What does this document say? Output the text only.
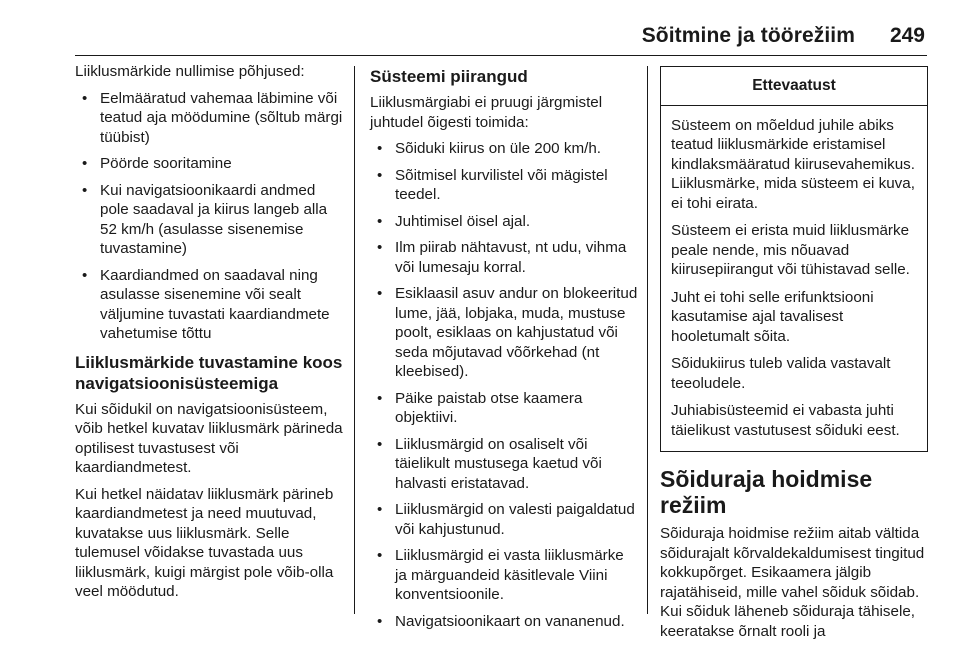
Sõitmine ja töörežiim 249

Liiklusmärkide nullimise põhjused:

• Eelmääratud vahemaa läbimine või teatud aja möödumine (sõltub märgi tüübist)
• Pöörde sooritamine
• Kui navigatsioonikaardi andmed pole saadaval ja kiirus langeb alla 52 km/h (asulasse sisenemise tuvastamine)
• Kaardiandmed on saadaval ning asulasse sisenemine või sealt väljumine tuvastati kaardiandmete vahetumise tõttu
Liiklusmärkide tuvastamine koos navigatsioonisüsteemiga

Kui sõidukil on navigatsioonisüsteem, võib hetkel kuvatav liiklusmärk pärineda optilisest tuvastusest või kaardiandmetest.

Kui hetkel näidatav liiklusmärk pärineb kaardiandmetest ja need muutuvad, kuvatakse uus liiklusmärk. Selle tulemusel võidakse tuvastada uus liiklusmärk, kuigi märgist pole võib-olla veel möödutud.

Süsteemi piirangud

Liiklusmärgiabi ei pruugi järgmistel juhtudel õigesti toimida:

• Sõiduki kiirus on üle 200 km/h.
• Sõitmisel kurvilistel või mägistel teedel.
• Juhtimisel öisel ajal.
• Ilm piirab nähtavust, nt udu, vihma või lumesaju korral.
• Esiklaasil asuv andur on blokeeritud lume, jää, lobjaka, muda, mustuse poolt, esiklaas on kahjustatud või seda mõjutavad võõrkehad (nt kleebised).
• Päike paistab otse kaamera objektiivi.
• Liiklusmärgid on osaliselt või täielikult mustusega kaetud või halvasti eristatavad.
• Liiklusmärgid on valesti paigaldatud või kahjustunud.
• Liiklusmärgid ei vasta liiklusmärke ja märguandeid käsitlevale Viini konventsioonile.
• Navigatsioonikaart on vananenud.
Ettevaatust

Süsteem on mõeldud juhile abiks teatud liiklusmärkide eristamisel kindlaksmääratud kiirusevahemikus. Liiklusmärke, mida süsteem ei kuva, ei tohi eirata.

Süsteem ei erista muid liiklusmärke peale nende, mis nõuavad kiirusepiirangut või tühistavad selle.

Juht ei tohi selle erifunktsiooni kasutamise ajal tavalisest hooletumalt sõita.

Sõidukiirus tuleb valida vastavalt teeoludele.

Juhiabisüsteemid ei vabasta juhti täielikust vastutusest sõiduki eest.

Sõiduraja hoidmise režiim

Sõiduraja hoidmise režiim aitab vältida sõidurajalt kõrvaldekaldumisest tingitud kokkupõrget. Esikaamera jälgib rajatähiseid, mille vahel sõiduk sõidab. Kui sõiduk läheneb sõiduraja tähisele, keeratakse õrnalt rooli ja
